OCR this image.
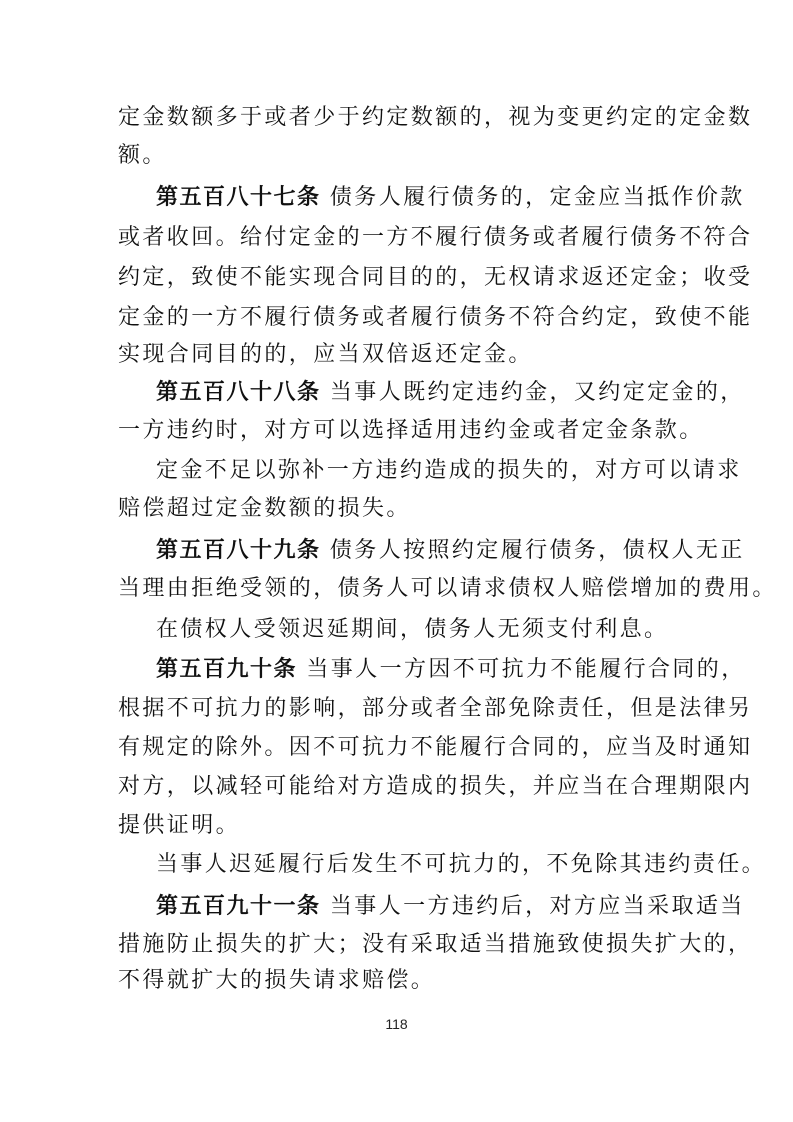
定金数额多于或者少于约定数额的，视为变更约定的定金数
额。
第五百八十七条 债务人履行债务的，定金应当抵作价款
或者收回。给付定金的一方不履行债务或者履行债务不符合
约定，致使不能实现合同目的的，无权请求返还定金；收受
定金的一方不履行债务或者履行债务不符合约定，致使不能
实现合同目的的，应当双倍返还定金。
第五百八十八条 当事人既约定违约金，又约定定金的，
一方违约时，对方可以选择适用违约金或者定金条款。
定金不足以弥补一方违约造成的损失的，对方可以请求
赔偿超过定金数额的损失。
第五百八十九条 债务人按照约定履行债务，债权人无正
当理由拒绝受领的，债务人可以请求债权人赔偿增加的费用。
在债权人受领迟延期间，债务人无须支付利息。
第五百九十条 当事人一方因不可抗力不能履行合同的，
根据不可抗力的影响，部分或者全部免除责任，但是法律另
有规定的除外。因不可抗力不能履行合同的，应当及时通知
对方，以减轻可能给对方造成的损失，并应当在合理期限内
提供证明。
当事人迟延履行后发生不可抗力的，不免除其违约责任。
第五百九十一条 当事人一方违约后，对方应当采取适当
措施防止损失的扩大；没有采取适当措施致使损失扩大的，
不得就扩大的损失请求赔偿。
118
